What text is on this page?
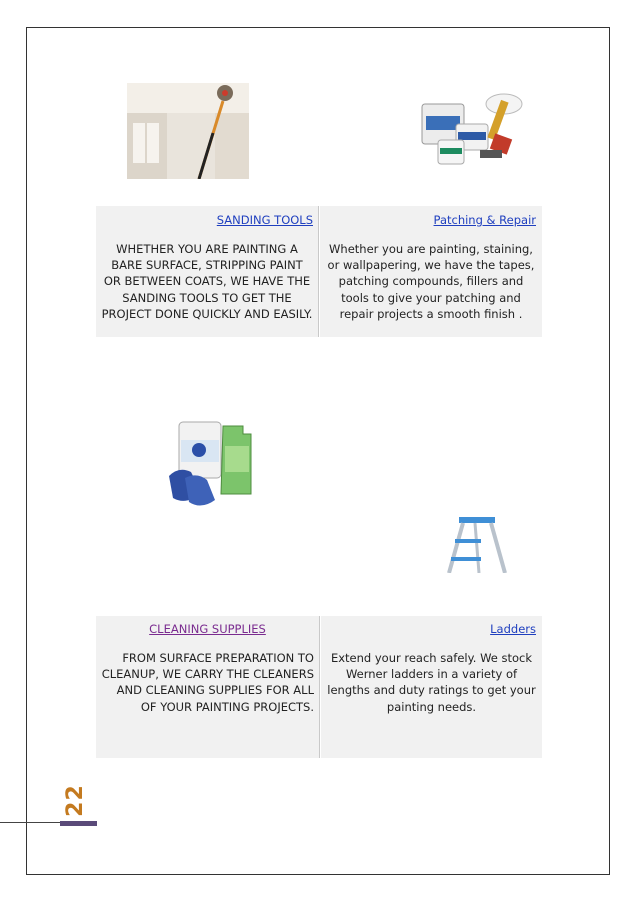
SANDING TOOLS
WHETHER YOU ARE PAINTING A BARE SURFACE, STRIPPING PAINT OR BETWEEN COATS, WE HAVE THE SANDING TOOLS TO GET THE PROJECT DONE QUICKLY AND EASILY.
Patching & Repair
Whether you are painting, staining, or wallpapering, we have the tapes, patching compounds, fillers and tools to give your patching and repair projects a smooth finish .
CLEANING SUPPLIES
FROM SURFACE PREPARATION TO CLEANUP, WE CARRY THE CLEANERS AND CLEANING SUPPLIES FOR ALL OF YOUR PAINTING PROJECTS.
Ladders
Extend your reach safely. We stock Werner ladders in a variety of lengths and duty ratings to get your painting needs.
22
